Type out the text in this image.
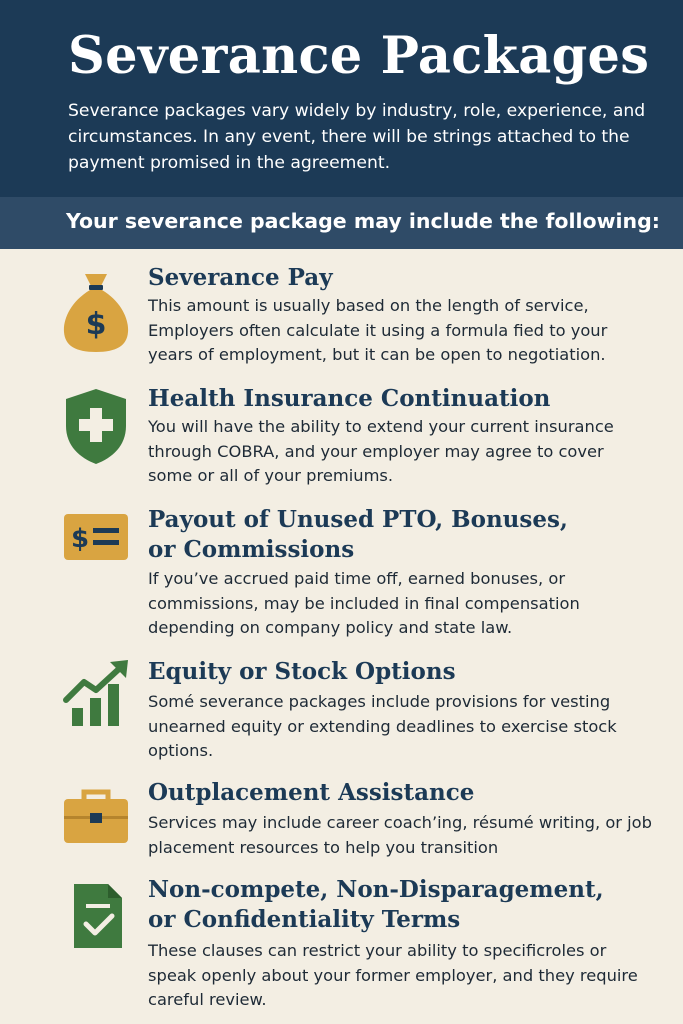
Severance Packages

Severance packages vary widely by industry, role, experience, and circumstances. In any event, there will be strings attached to the payment promised in the agreement.

Your severance package may include the following:

$
Severance Pay

This amount is usually based on the length of service, Employers often calculate it using a formula fied to your years of employment, but it can be open to negotiation.

Health Insurance Continuation

You will have the ability to extend your current insurance through COBRA, and your employer may agree to cover some or all of your premiums.

$
Payout of Unused PTO, Bonuses,
or Commissions

If you’ve accrued paid time off, earned bonuses, or commissions, may be included in final compensation depending on company policy and state law.

Equity or Stock Options

Somé severance packages include provisions for vesting unearned equity or extending deadlines to exercise stock options.

Outplacement Assistance

Services may include career coach’ing, résumé writing, or job placement resources to help you transition

Non-compete, Non-Disparagement,
or Confidentiality Terms

These clauses can restrict your ability to specificroles or speak openly about your former employer, and they require careful review.
